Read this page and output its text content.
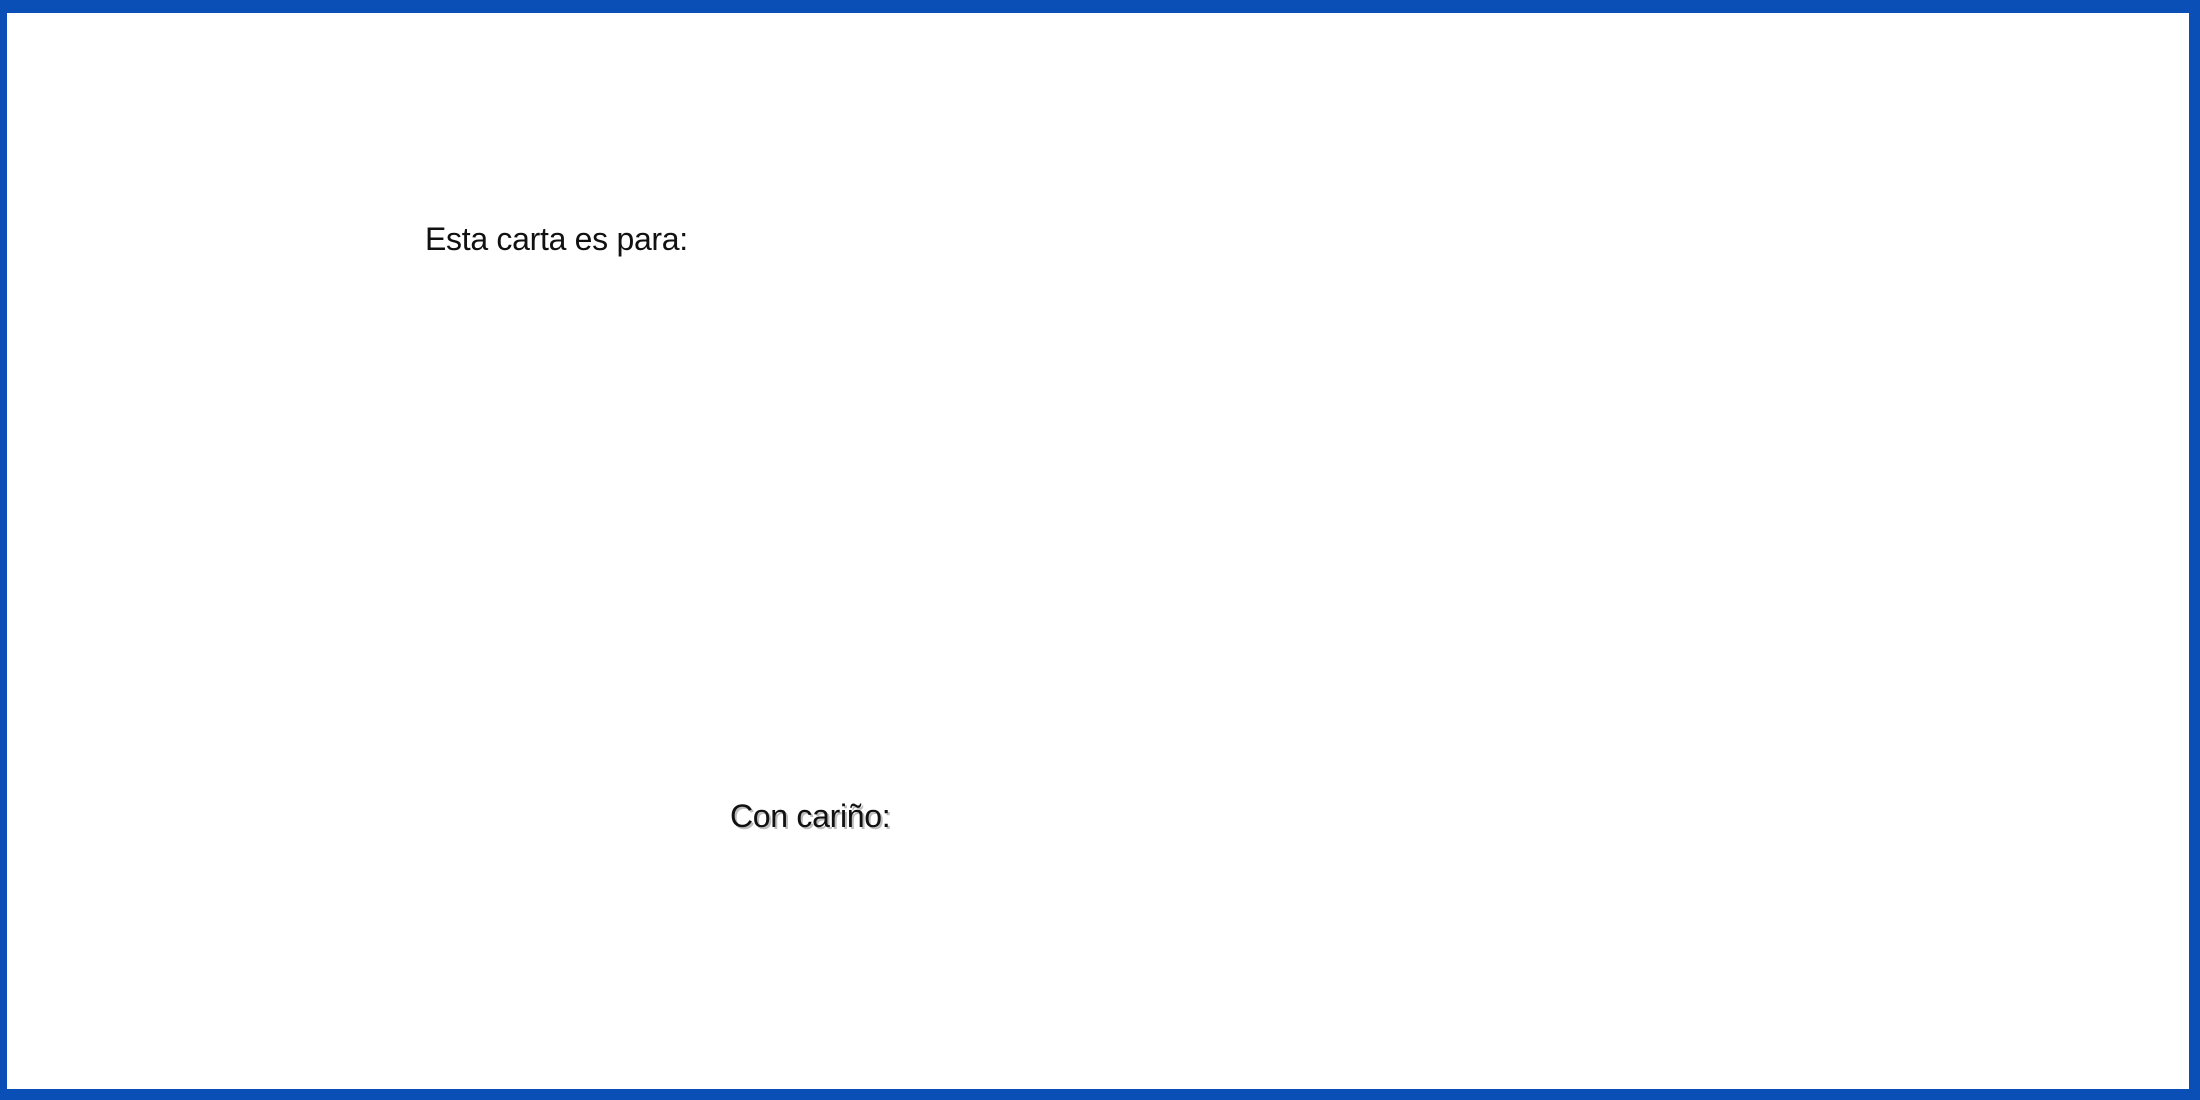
Esta carta es para:
Con cariño:
